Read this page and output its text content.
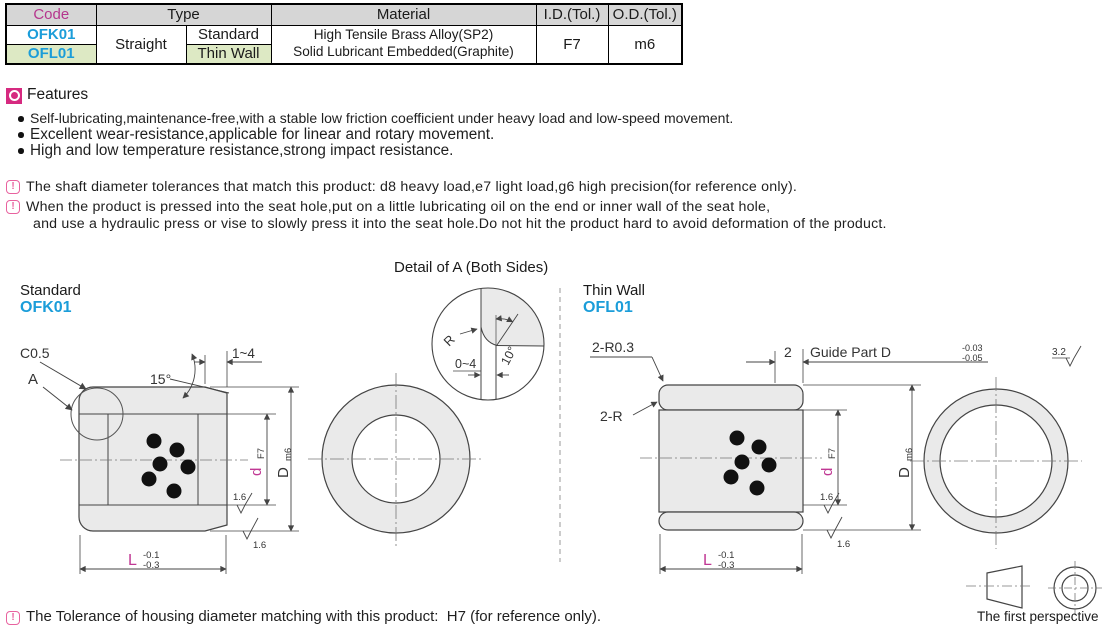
Code	Type		Material	I.D.(Tol.)	O.D.(Tol.)
OFK01	Straight	Standard	High Tensile Brass Alloy(SP2)
Solid Lubricant Embedded(Graphite)	F7	m6
OFL01		Thin Wall			
Features
Self-lubricating,maintenance-free,with a stable low friction coefficient under heavy load and low-speed movement.
Excellent wear-resistance,applicable for linear and rotary movement.
High and low temperature resistance,strong impact resistance.
!
!
The shaft diameter tolerances that match this product: d8 heavy load,e7 light load,g6 high precision(for reference only).
When the product is pressed into the seat hole,put on a little lubricating oil on the end or inner wall of the seat hole,
and use a hydraulic press or vise to slowly press it into the seat hole.Do not hit the product hard to avoid deformation of the product.
Standard
OFK01
Detail of A (Both Sides)
Thin Wall
OFL01
C0.5
A	15°
1~4
d
F7
D
m6
L -0.1
-0.3
1.6
1.6
R
0~4 10°	2-R0.3
2-R
2 Guide Part D	-0.03
-0.05	3.2
d
F7
D
m6
L -0.1
-0.3
1.6
1.6
! The Tolerance of housing diameter matching with this product:  H7 (for reference only).	The first perspective
